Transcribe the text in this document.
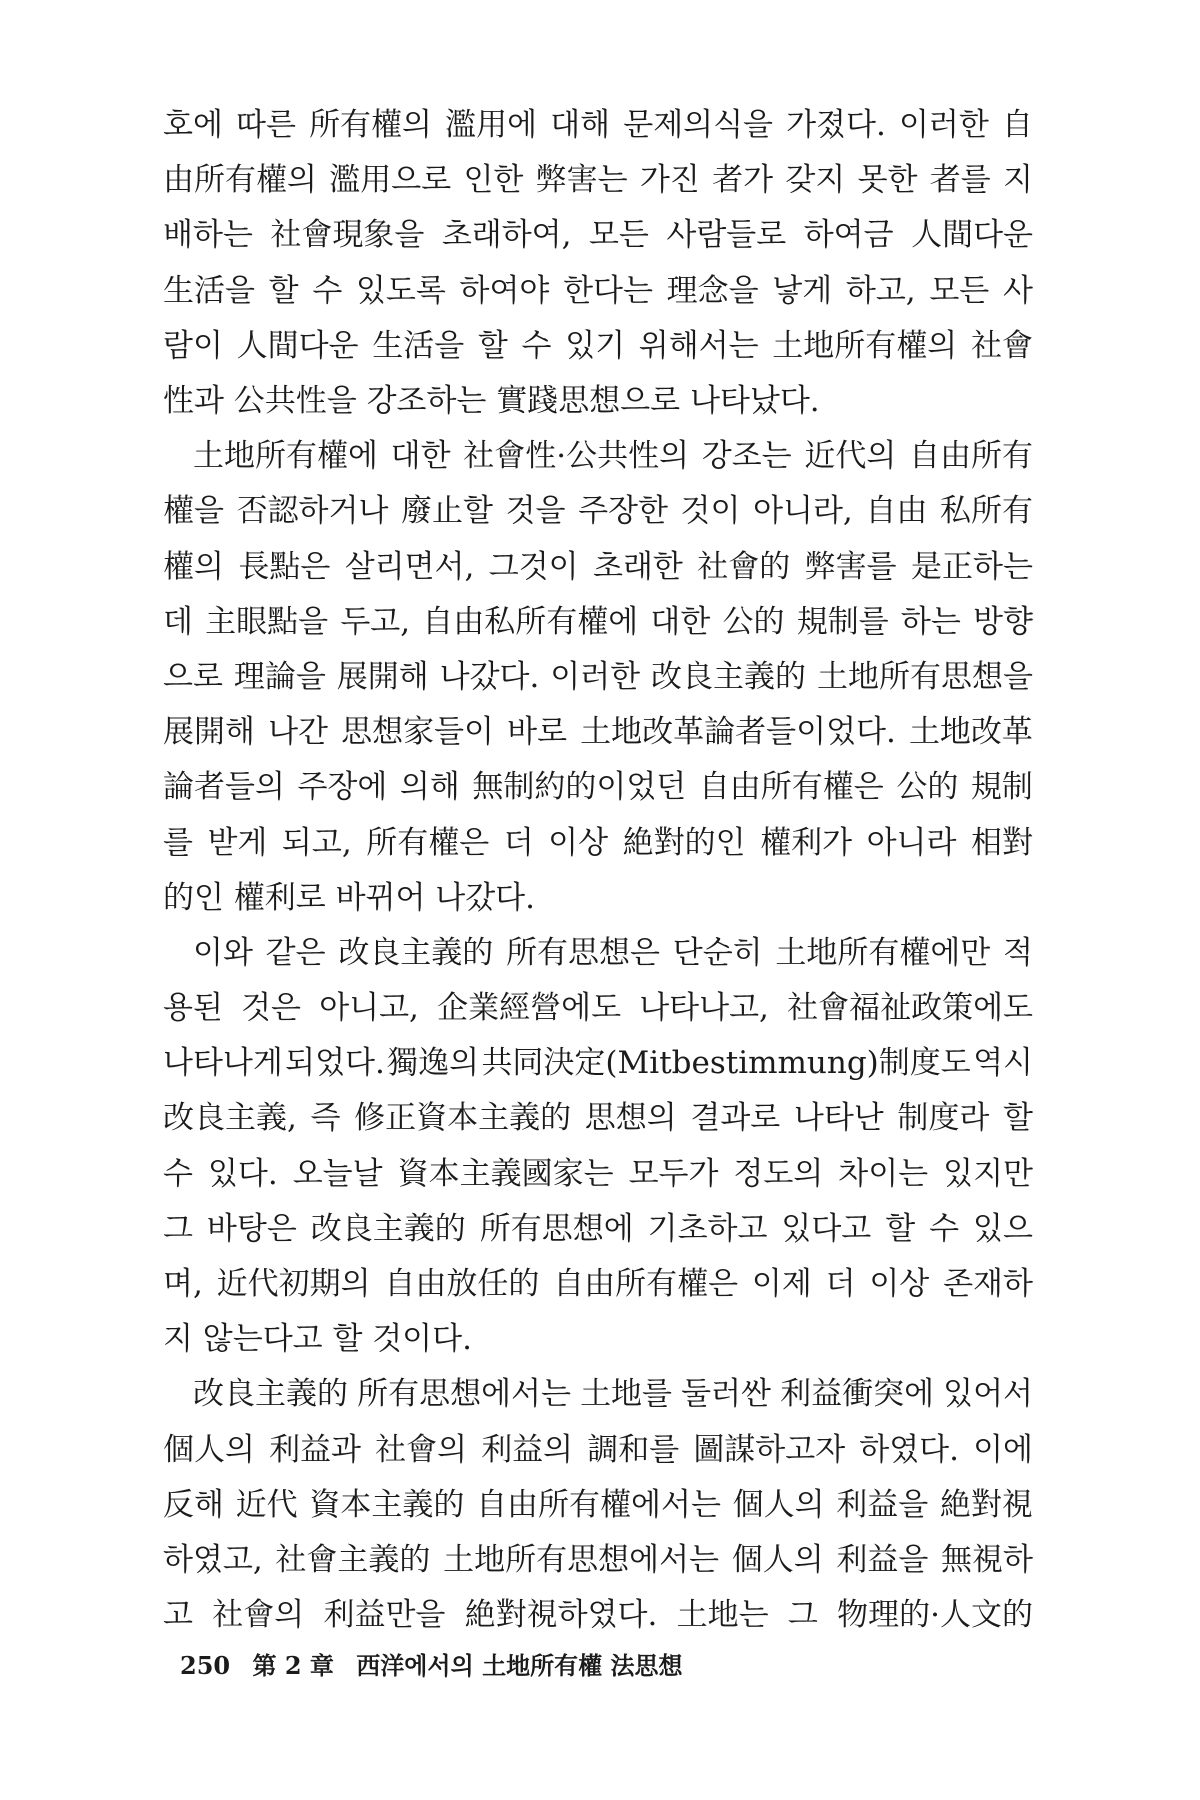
호에 따른 所有權의 濫用에 대해 문제의식을 가졌다. 이러한 自
由所有權의 濫用으로 인한 弊害는 가진 者가 갖지 못한 者를 지
배하는 社會現象을 초래하여, 모든 사람들로 하여금 人間다운
生活을 할 수 있도록 하여야 한다는 理念을 낳게 하고, 모든 사
람이 人間다운 生活을 할 수 있기 위해서는 土地所有權의 社會
性과 公共性을 강조하는 實踐思想으로 나타났다.
土地所有權에 대한 社會性·公共性의 강조는 近代의 自由所有
權을 否認하거나 廢止할 것을 주장한 것이 아니라, 自由 私所有
權의 長點은 살리면서, 그것이 초래한 社會的 弊害를 是正하는
데 主眼點을 두고, 自由私所有權에 대한 公的 規制를 하는 방향
으로 理論을 展開해 나갔다. 이러한 改良主義的 土地所有思想을
展開해 나간 思想家들이 바로 土地改革論者들이었다. 土地改革
論者들의 주장에 의해 無制約的이었던 自由所有權은 公的 規制
를 받게 되고, 所有權은 더 이상 絶對的인 權利가 아니라 相對
的인 權利로 바뀌어 나갔다.
이와 같은 改良主義的 所有思想은 단순히 土地所有權에만 적
용된 것은 아니고, 企業經營에도 나타나고, 社會福祉政策에도
나타나게 되었다. 獨逸의 共同決定(Mitbestimmung)制度도 역시
改良主義, 즉 修正資本主義的 思想의 결과로 나타난 制度라 할
수 있다. 오늘날 資本主義國家는 모두가 정도의 차이는 있지만
그 바탕은 改良主義的 所有思想에 기초하고 있다고 할 수 있으
며, 近代初期의 自由放任的 自由所有權은 이제 더 이상 존재하
지 않는다고 할 것이다.
改良主義的 所有思想에서는 土地를 둘러싼 利益衝突에 있어서
個人의 利益과 社會의 利益의 調和를 圖謀하고자 하였다. 이에
反해 近代 資本主義的 自由所有權에서는 個人의 利益을 絶對視
하였고, 社會主義的 土地所有思想에서는 個人의 利益을 無視하
고 社會의 利益만을 絶對視하였다. 土地는 그 物理的·人文的
250 第 2 章 西洋에서의 土地所有權 法思想
